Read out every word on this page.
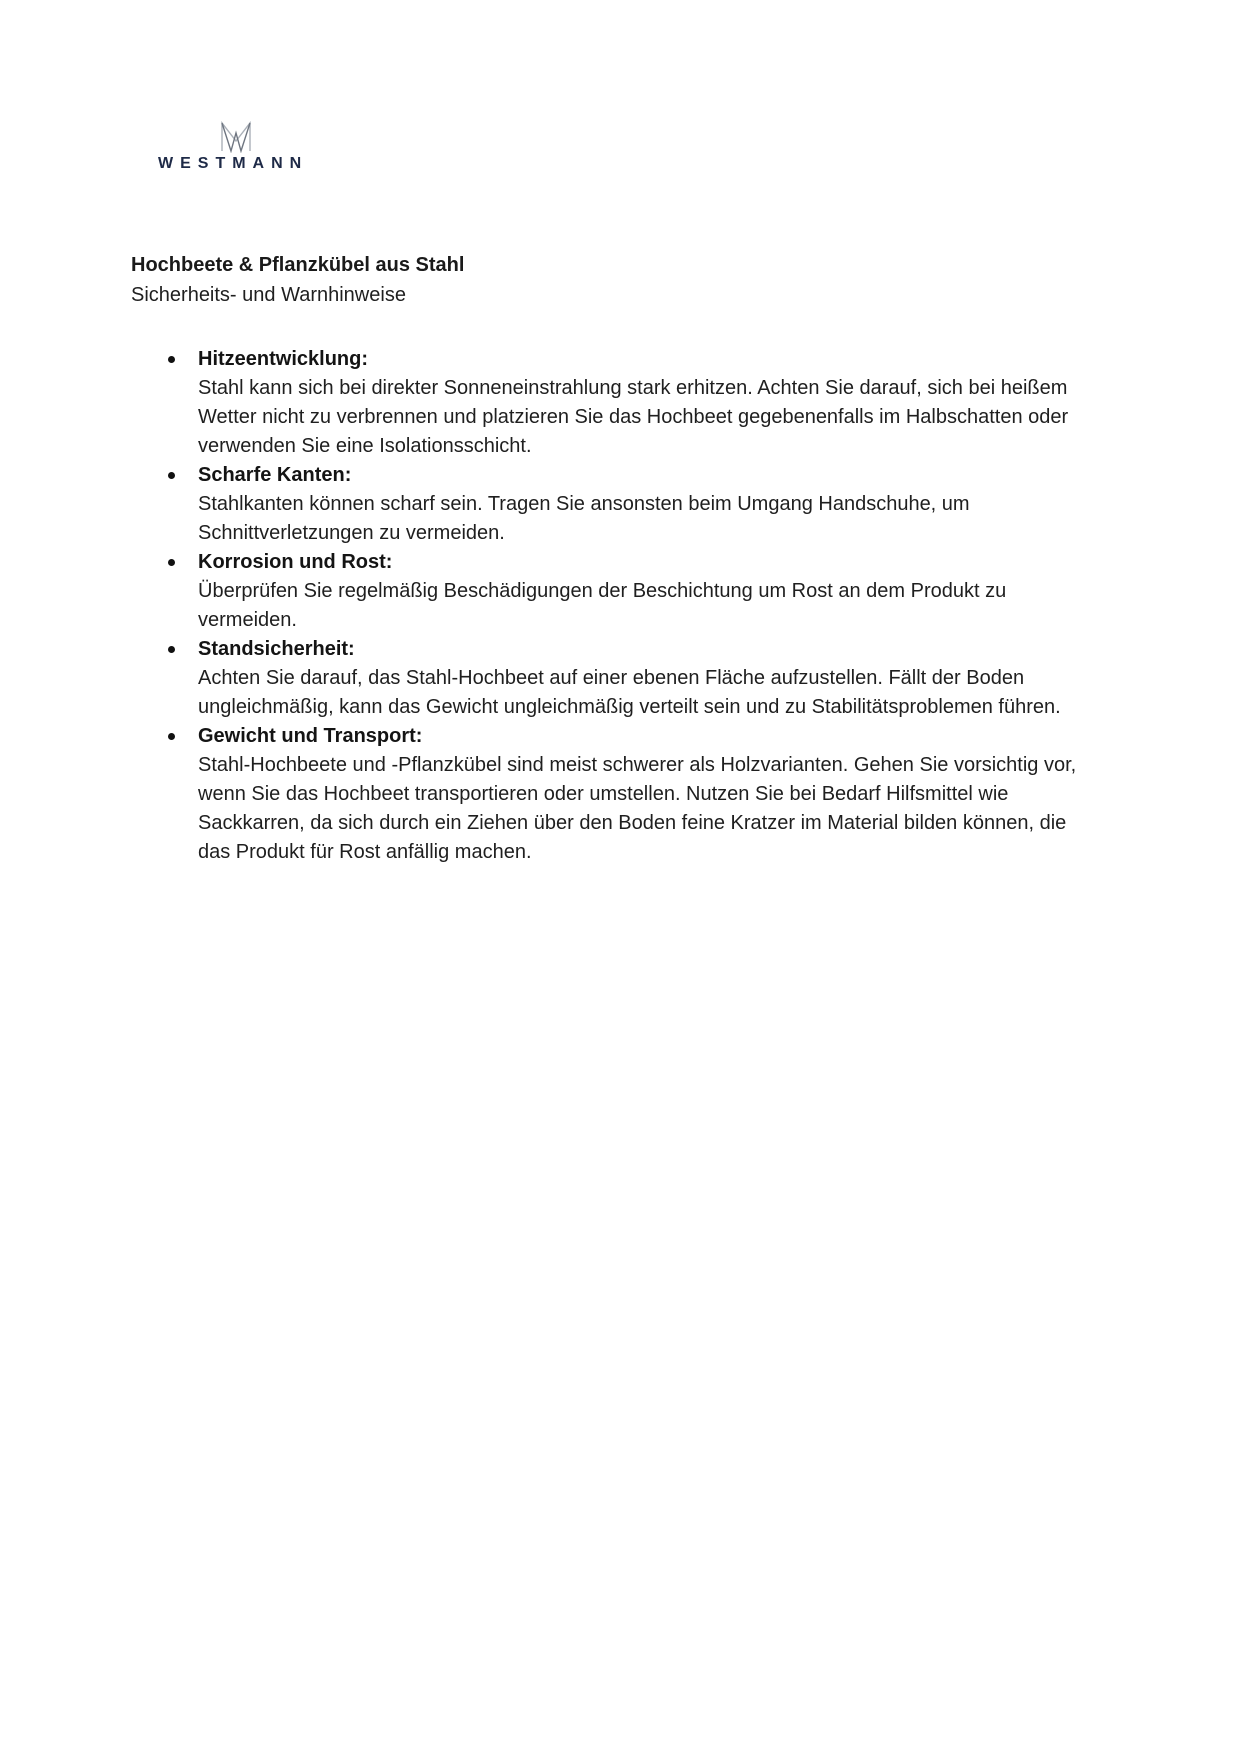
WESTMANN
Hochbeete & Pflanzkübel aus Stahl
Sicherheits- und Warnhinweise
Hitzeentwicklung:
Stahl kann sich bei direkter Sonneneinstrahlung stark erhitzen. Achten Sie darauf, sich bei heißem Wetter nicht zu verbrennen und platzieren Sie das Hochbeet gegebenenfalls im Halbschatten oder verwenden Sie eine Isolationsschicht.
Scharfe Kanten:
Stahlkanten können scharf sein. Tragen Sie ansonsten beim Umgang Handschuhe, um Schnittverletzungen zu vermeiden.
Korrosion und Rost:
Überprüfen Sie regelmäßig Beschädigungen der Beschichtung um Rost an dem Produkt zu vermeiden.
Standsicherheit:
Achten Sie darauf, das Stahl-Hochbeet auf einer ebenen Fläche aufzustellen. Fällt der Boden ungleichmäßig, kann das Gewicht ungleichmäßig verteilt sein und zu Stabilitätsproblemen führen.
Gewicht und Transport:
Stahl-Hochbeete und -Pflanzkübel sind meist schwerer als Holzvarianten. Gehen Sie vorsichtig vor, wenn Sie das Hochbeet transportieren oder umstellen. Nutzen Sie bei Bedarf Hilfsmittel wie Sackkarren, da sich durch ein Ziehen über den Boden feine Kratzer im Material bilden können, die das Produkt für Rost anfällig machen.
